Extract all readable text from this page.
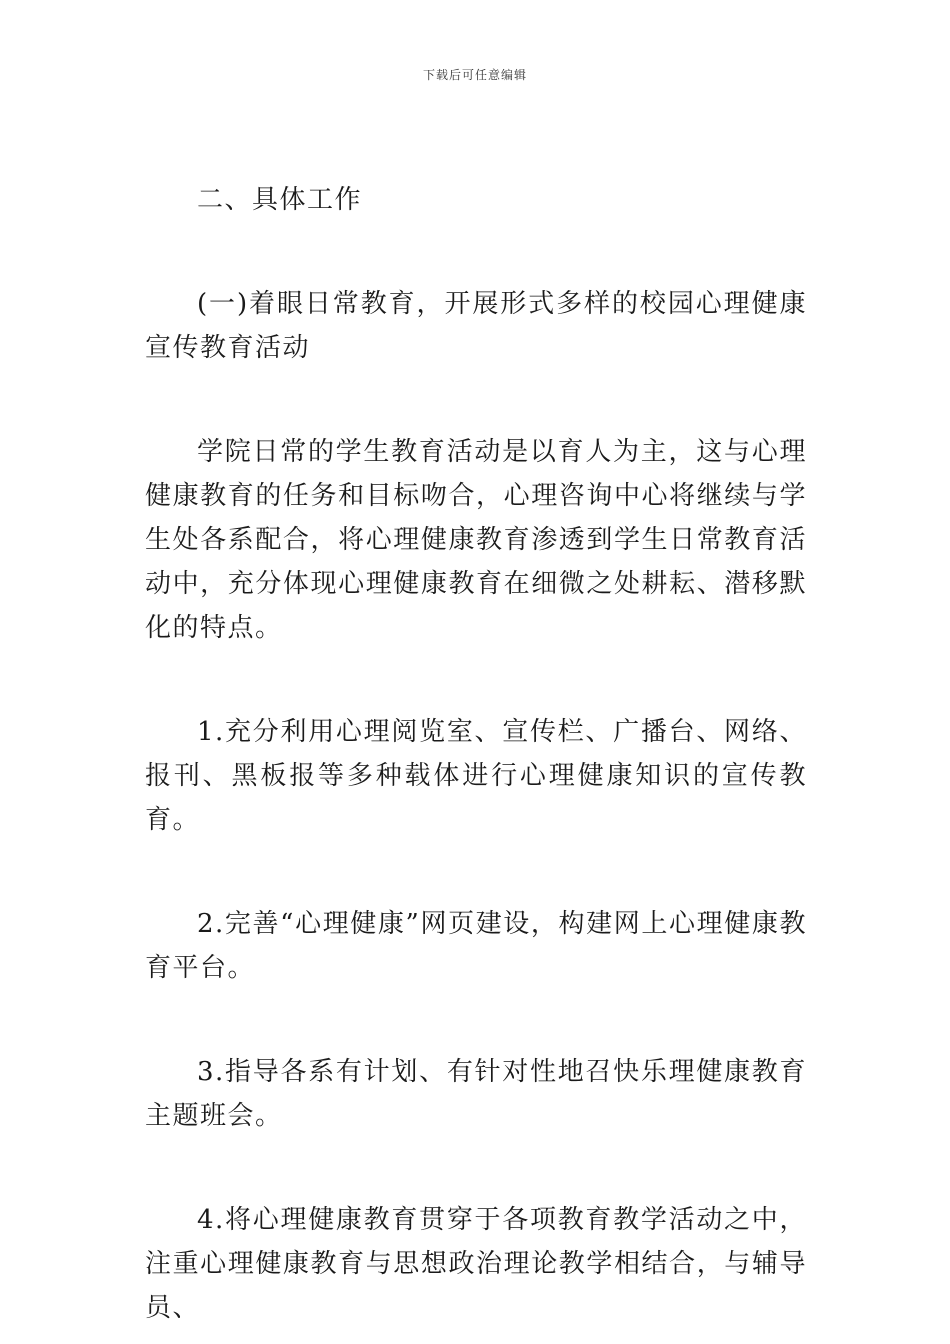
下载后可任意编辑

二、具体工作

(一)着眼日常教育，开展形式多样的校园心理健康宣传教育活动

学院日常的学生教育活动是以育人为主，这与心理健康教育的任务和目标吻合，心理咨询中心将继续与学生处各系配合，将心理健康教育渗透到学生日常教育活动中，充分体现心理健康教育在细微之处耕耘、潜移默化的特点。

1.充分利用心理阅览室、宣传栏、广播台、网络、报刊、黑板报等多种载体进行心理健康知识的宣传教育。

2.完善“心理健康”网页建设，构建网上心理健康教育平台。

3.指导各系有计划、有针对性地召快乐理健康教育主题班会。

4.将心理健康教育贯穿于各项教育教学活动之中，注重心理健康教育与思想政治理论教学相结合，与辅导员、
